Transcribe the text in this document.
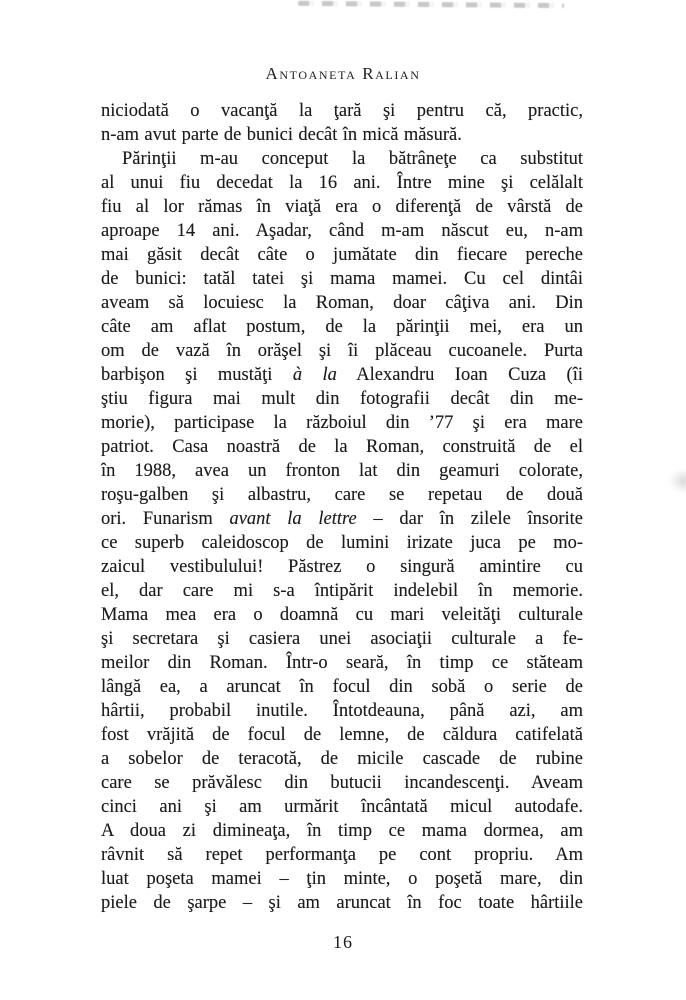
Antoaneta Ralian
niciodată o vacanţă la ţară şi pentru că, practic,
n-am avut parte de bunici decât în mică măsură.
Părinţii m-au conceput la bătrâneţe ca substitut
al unui fiu decedat la 16 ani. Între mine şi celălalt
fiu al lor rămas în viaţă era o diferenţă de vârstă de
aproape 14 ani. Aşadar, când m-am născut eu, n-am
mai găsit decât câte o jumătate din fiecare pereche
de bunici: tatăl tatei şi mama mamei. Cu cel dintâi
aveam să locuiesc la Roman, doar câţiva ani. Din
câte am aflat postum, de la părinţii mei, era un
om de vază în orăşel şi îi plăceau cucoanele. Purta
barbişon şi mustăţi à la Alexandru Ioan Cuza (îi
ştiu figura mai mult din fotografii decât din me-
morie), participase la războiul din ’77 şi era mare
patriot. Casa noastră de la Roman, construită de el
în 1988, avea un fronton lat din geamuri colorate,
roşu-galben şi albastru, care se repetau de două
ori. Funarism avant la lettre – dar în zilele însorite
ce superb caleidoscop de lumini irizate juca pe mo-
zaicul vestibulului! Păstrez o singură amintire cu
el, dar care mi s-a întipărit indelebil în memorie.
Mama mea era o doamnă cu mari veleităţi culturale
şi secretara şi casiera unei asociaţii culturale a fe-
meilor din Roman. Într-o seară, în timp ce stăteam
lângă ea, a aruncat în focul din sobă o serie de
hârtii, probabil inutile. Întotdeauna, până azi, am
fost vrăjită de focul de lemne, de căldura catifelată
a sobelor de teracotă, de micile cascade de rubine
care se prăvălesc din butucii incandescenţi. Aveam
cinci ani şi am urmărit încântată micul autodafe.
A doua zi dimineaţa, în timp ce mama dormea, am
râvnit să repet performanţa pe cont propriu. Am
luat poşeta mamei – ţin minte, o poşetă mare, din
piele de şarpe – şi am aruncat în foc toate hârtiile
16
